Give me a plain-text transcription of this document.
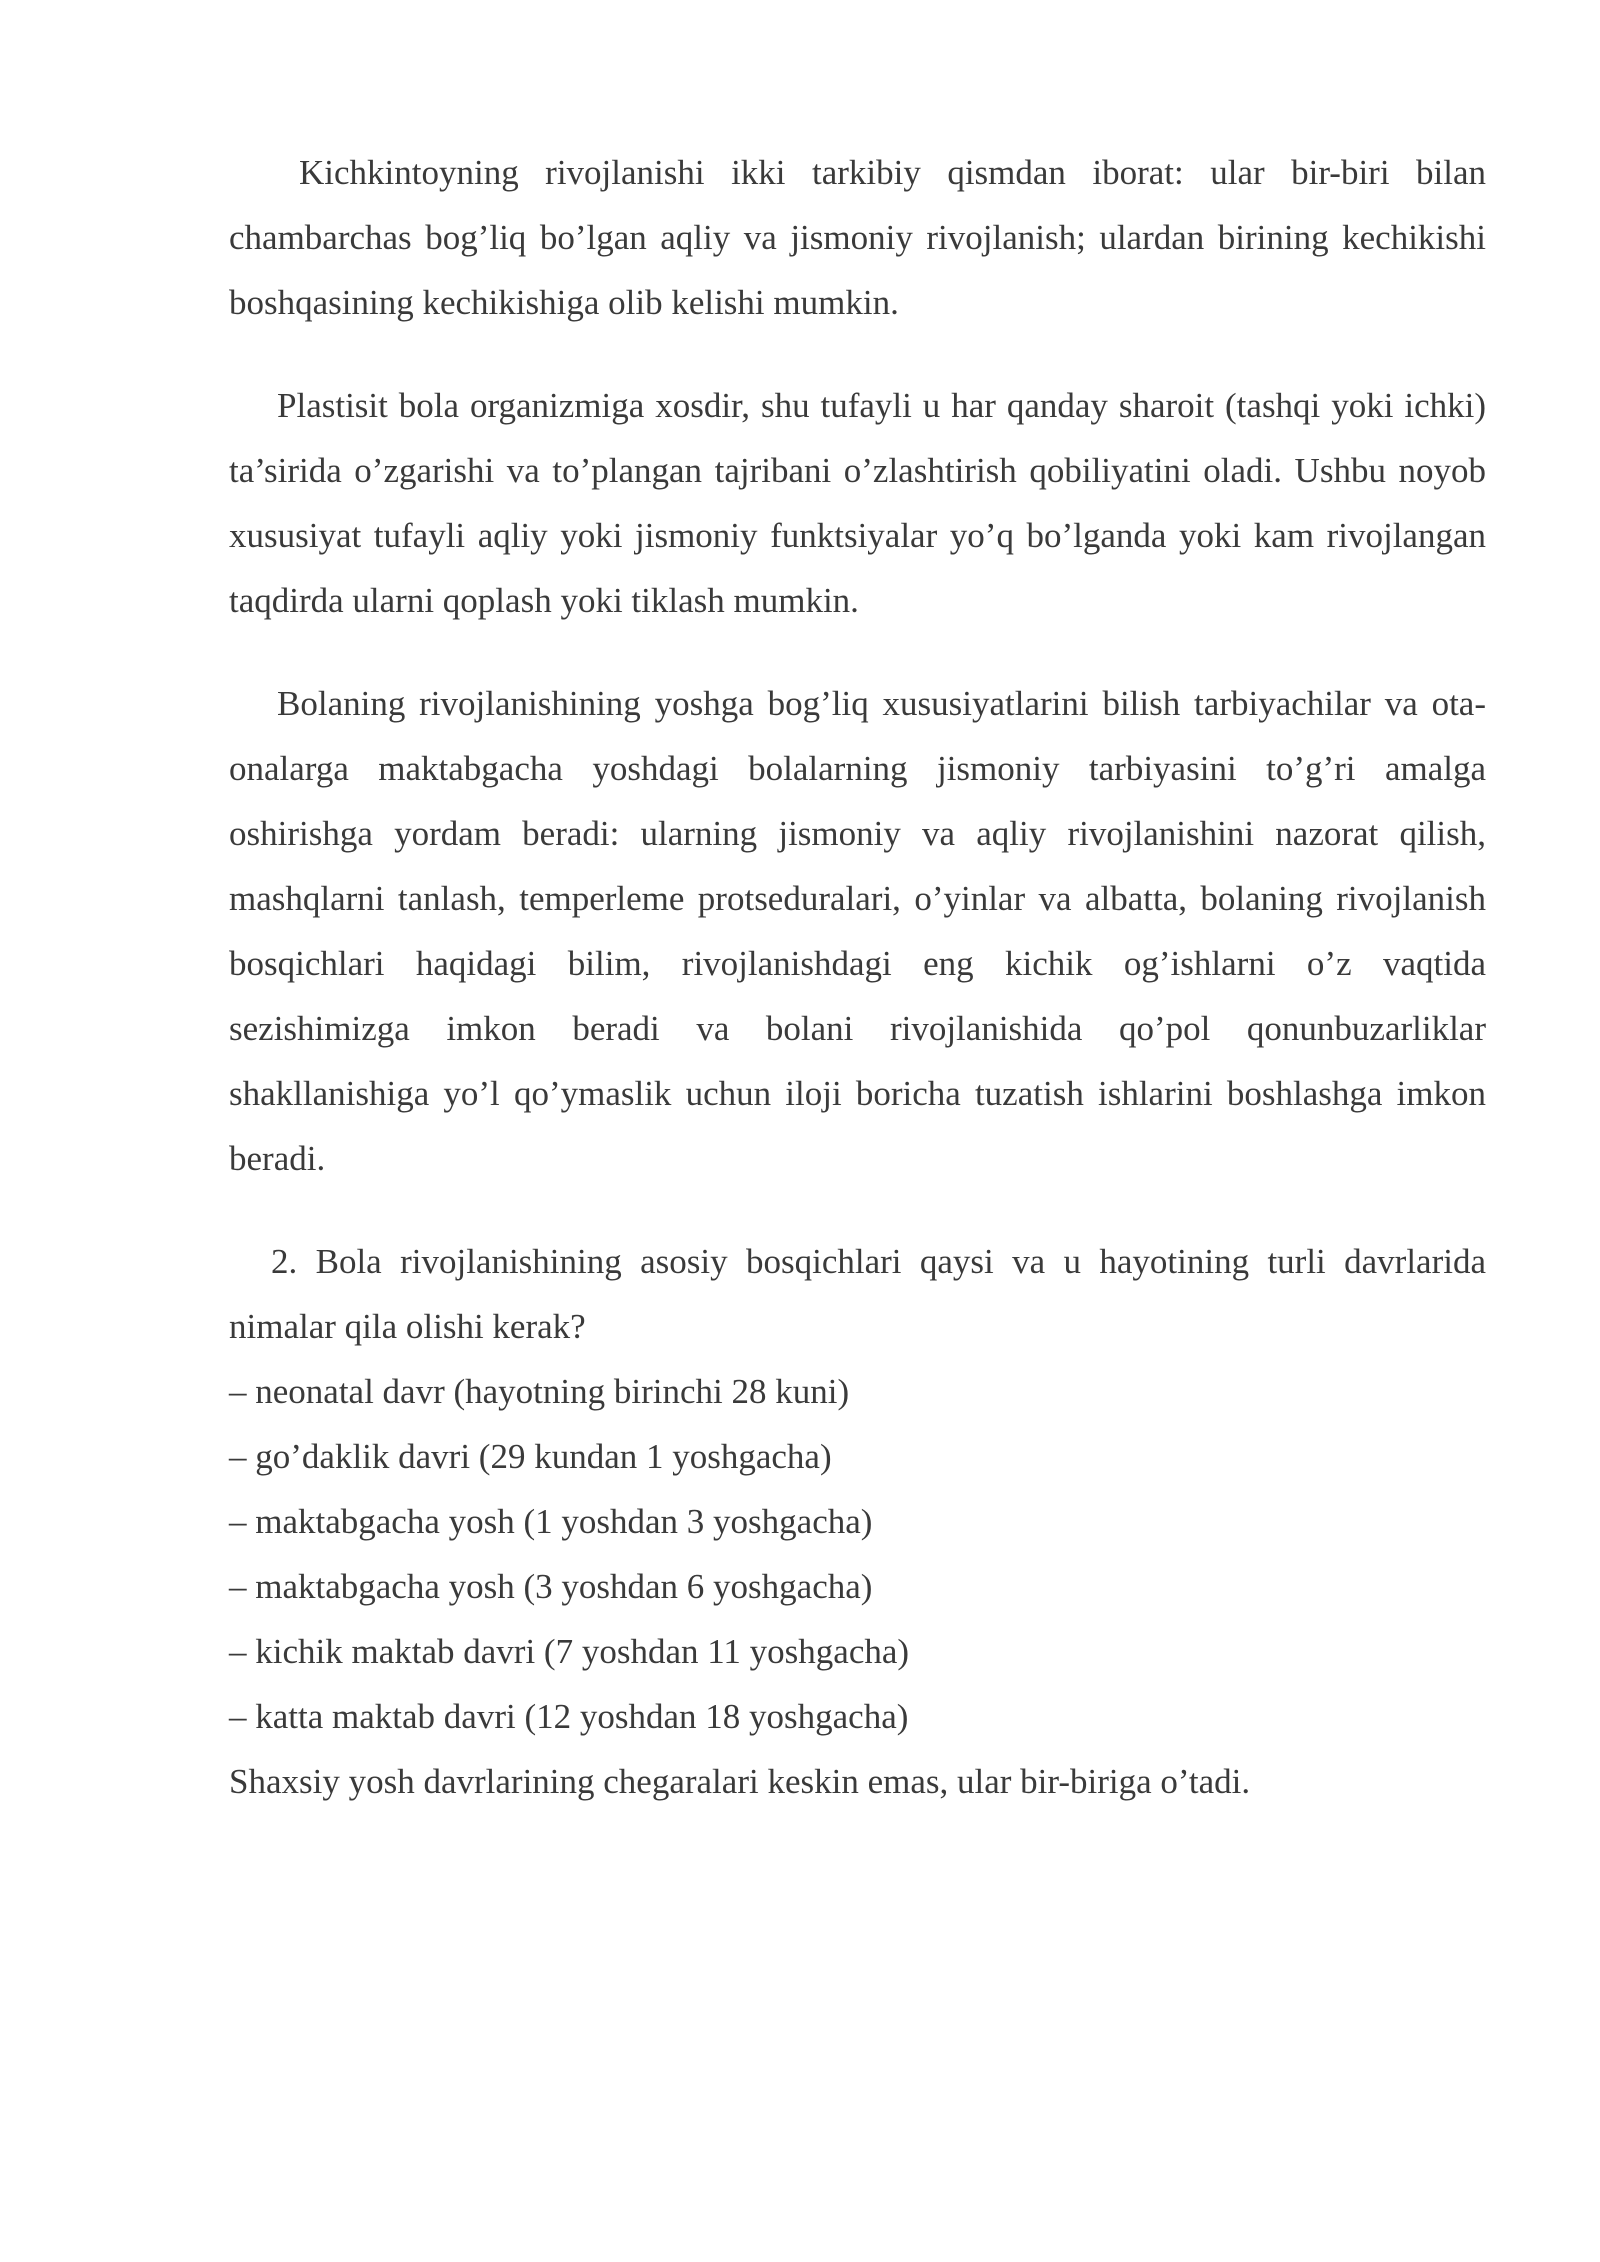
Kichkintoyning rivojlanishi ikki tarkibiy qismdan iborat: ular bir-biri bilan chambarchas bog’liq bo’lgan aqliy va jismoniy rivojlanish; ulardan birining kechikishi boshqasining kechikishiga olib kelishi mumkin.

Plastisit bola organizmiga xosdir, shu tufayli u har qanday sharoit (tashqi yoki ichki) ta’sirida o’zgarishi va to’plangan tajribani o’zlashtirish qobiliyatini oladi. Ushbu noyob xususiyat tufayli aqliy yoki jismoniy funktsiyalar yo’q bo’lganda yoki kam rivojlangan taqdirda ularni qoplash yoki tiklash mumkin.

Bolaning rivojlanishining yoshga bog’liq xususiyatlarini bilish tarbiyachilar va ota-onalarga maktabgacha yoshdagi bolalarning jismoniy tarbiyasini to’g’ri amalga oshirishga yordam beradi: ularning jismoniy va aqliy rivojlanishini nazorat qilish, mashqlarni tanlash, temperleme protseduralari, o’yinlar va albatta, bolaning rivojlanish bosqichlari haqidagi bilim, rivojlanishdagi eng kichik og’ishlarni o’z vaqtida sezishimizga imkon beradi va bolani rivojlanishida qo’pol qonunbuzarliklar shakllanishiga yo’l qo’ymaslik uchun iloji boricha tuzatish ishlarini boshlashga imkon beradi.

2. Bola rivojlanishining asosiy bosqichlari qaysi va u hayotining turli davrlarida nimalar qila olishi kerak?

– neonatal davr (hayotning birinchi 28 kuni)

– go’daklik davri (29 kundan 1 yoshgacha)

– maktabgacha yosh (1 yoshdan 3 yoshgacha)

– maktabgacha yosh (3 yoshdan 6 yoshgacha)

– kichik maktab davri (7 yoshdan 11 yoshgacha)

– katta maktab davri (12 yoshdan 18 yoshgacha)

Shaxsiy yosh davrlarining chegaralari keskin emas, ular bir-biriga o’tadi.
